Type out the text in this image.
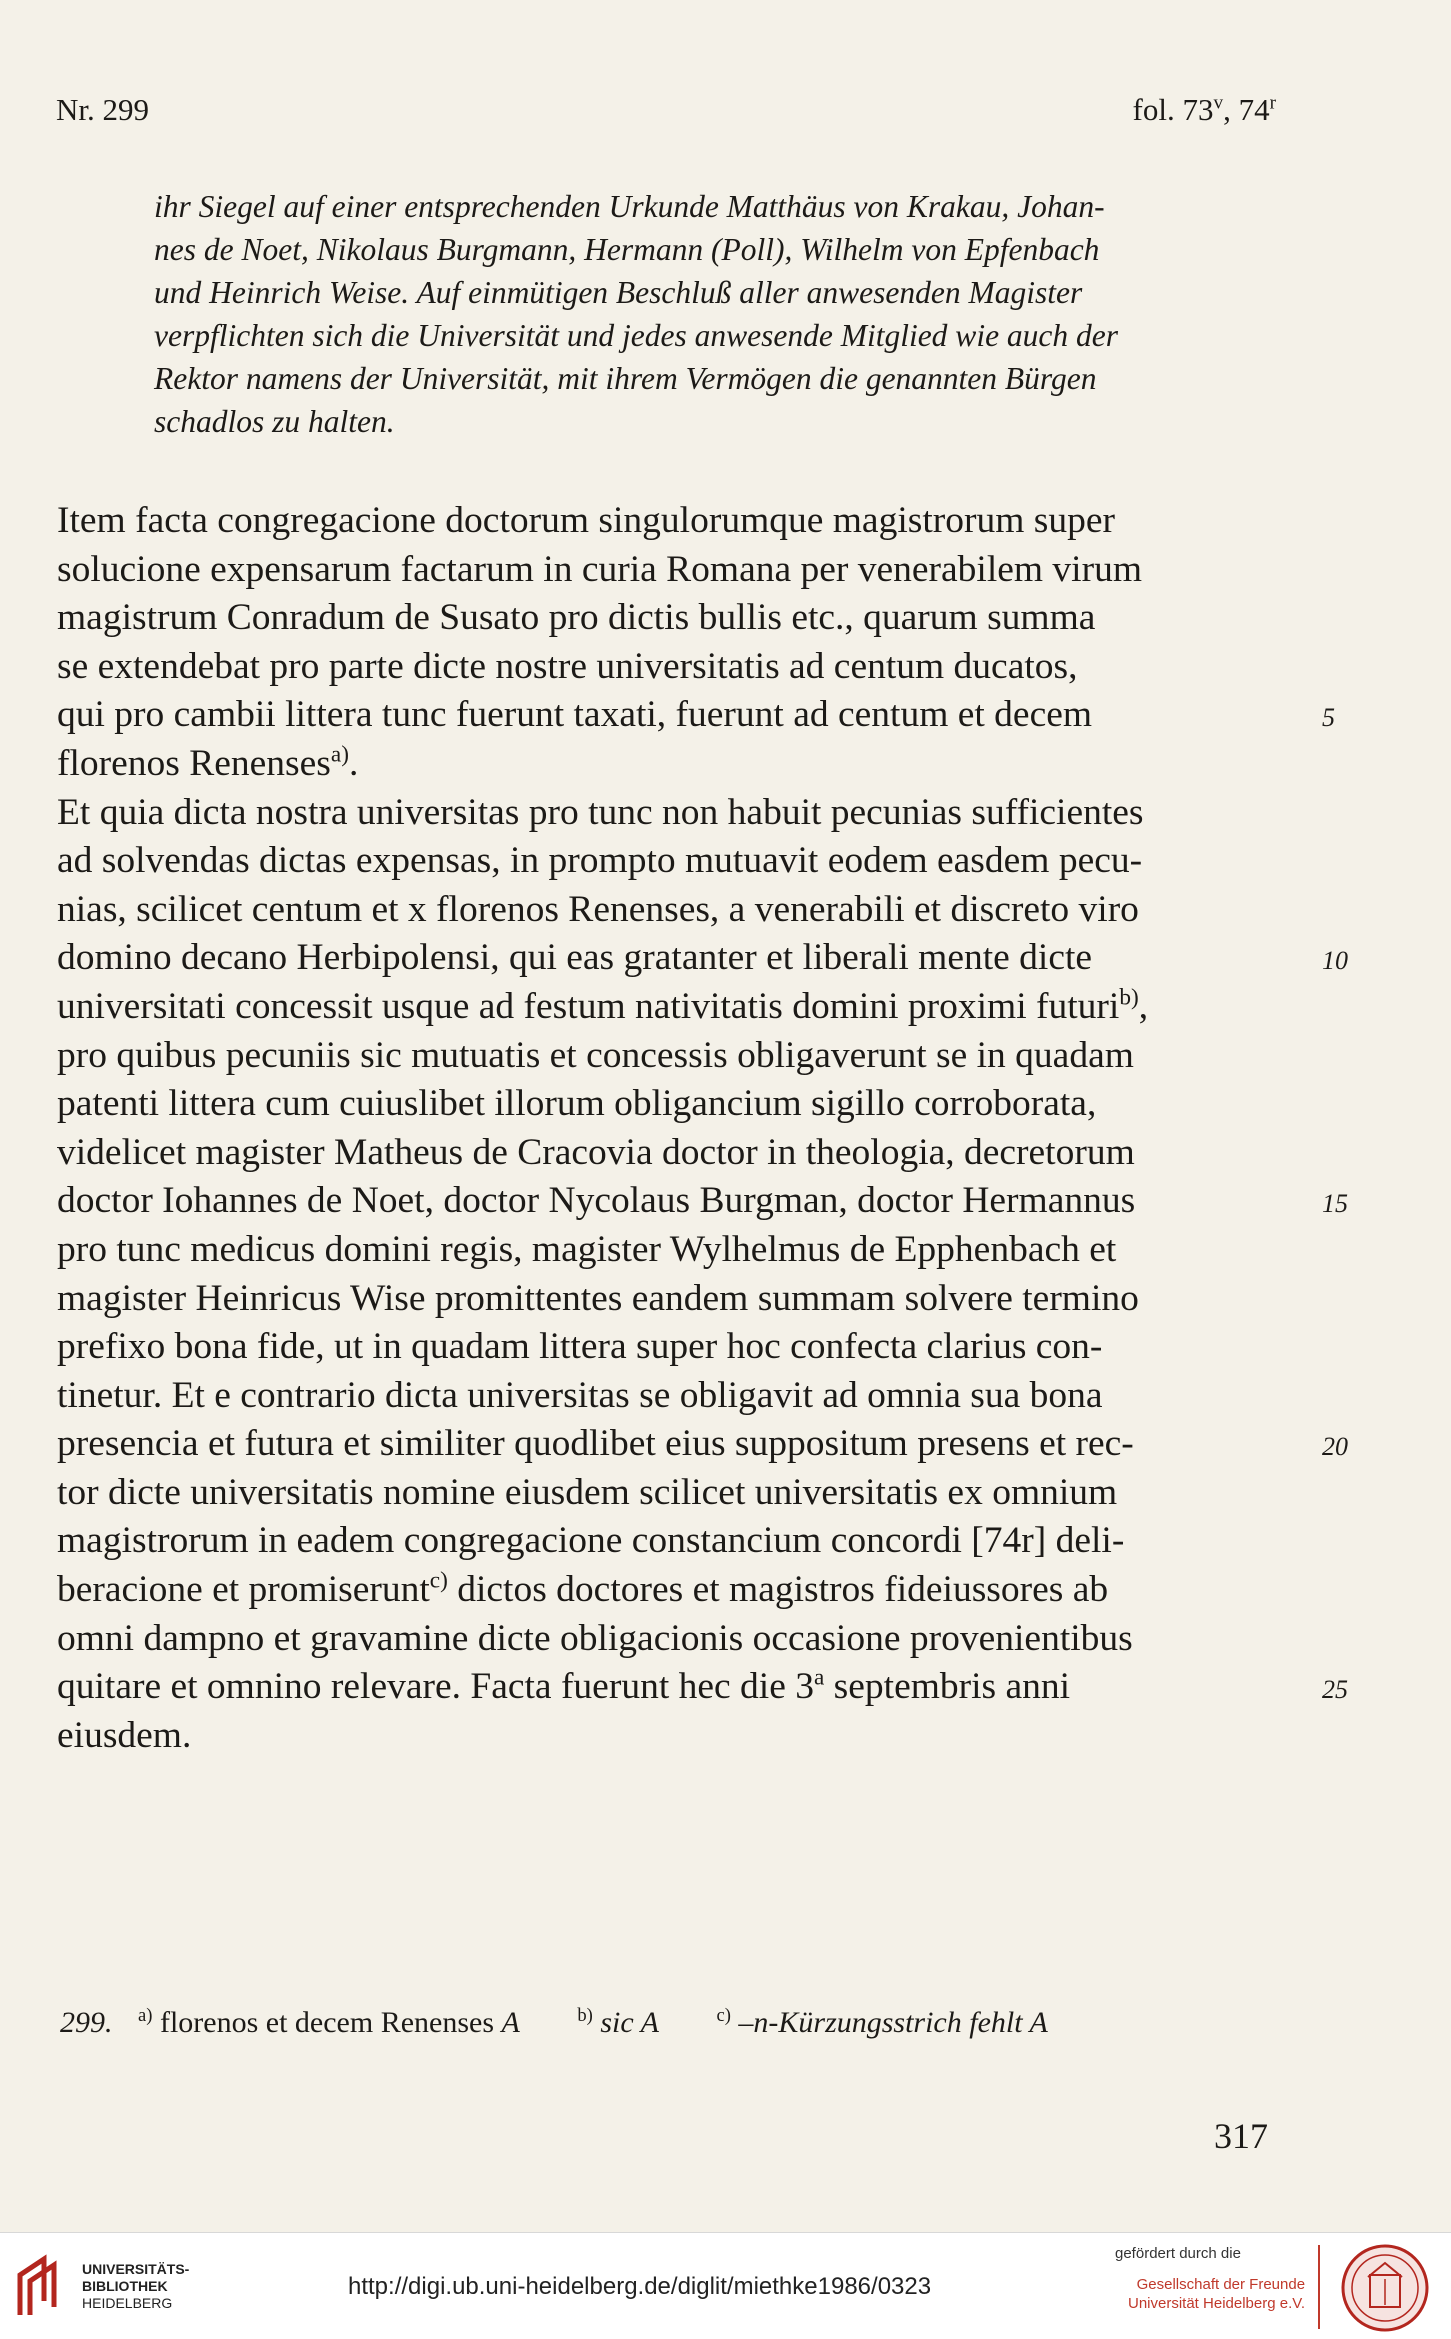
Nr. 299	fol. 73$^v$, 74$^r$
ihr Siegel auf einer entsprechenden Urkunde Matthäus von Krakau, Johan-
nes de Noet, Nikolaus Burgmann, Hermann (Poll), Wilhelm von Epfenbach
und Heinrich Weise. Auf einmütigen Beschluß aller anwesenden Magister
verpflichten sich die Universität und jedes anwesende Mitglied wie auch der
Rektor namens der Universität, mit ihrem Vermögen die genannten Bürgen
schadlos zu halten.
Item facta congregacione doctorum singulorumque magistrorum super
solucione expensarum factarum in curia Romana per venerabilem virum
magistrum Conradum de Susato pro dictis bullis etc., quarum summa
se extendebat pro parte dicte nostre universitatis ad centum ducatos,
qui pro cambii littera tunc fuerunt taxati, fuerunt ad centum et decem
florenos Renenses$^{a)}$.
Et quia dicta nostra universitas pro tunc non habuit pecunias sufficientes
ad solvendas dictas expensas, in prompto mutuavit eodem easdem pecu-
nias, scilicet centum et x florenos Renenses, a venerabili et discreto viro
domino decano Herbipolensi, qui eas gratanter et liberali mente dicte
universitati concessit usque ad festum nativitatis domini proximi futuri$^{b)}$,
pro quibus pecuniis sic mutuatis et concessis obligaverunt se in quadam
patenti littera cum cuiuslibet illorum obligancium sigillo corroborata,
videlicet magister Matheus de Cracovia doctor in theologia, decretorum
doctor Iohannes de Noet, doctor Nycolaus Burgman, doctor Hermannus
pro tunc medicus domini regis, magister Wylhelmus de Epphenbach et
magister Heinricus Wise promittentes eandem summam solvere termino
prefixo bona fide, ut in quadam littera super hoc confecta clarius con-
tinetur. Et e contrario dicta universitas se obligavit ad omnia sua bona
presencia et futura et similiter quodlibet eius suppositum presens et rec-
tor dicte universitatis nomine eiusdem scilicet universitatis ex omnium
magistrorum in eadem congregacione constancium concordi [74r] deli-
beracione et promiserunt$^{c)}$ dictos doctores et magistros fideiussores ab
omni dampno et gravamine dicte obligacionis occasione provenientibus
quitare et omnino relevare. Facta fuerunt hec die 3$^a$ septembris anni
eiusdem.
5
10
15
20
25
299. $^{a)}$ florenos et decem Renenses A	$^{b)}$ sic A	$^{c)}$ –n-Kürzungsstrich fehlt A
317
UNIVERSITÄTS-
BIBLIOTHEK
HEIDELBERG
http://digi.ub.uni-heidelberg.de/diglit/miethke1986/0323
gefördert durch die
Gesellschaft der Freunde
Universität Heidelberg e.V.
